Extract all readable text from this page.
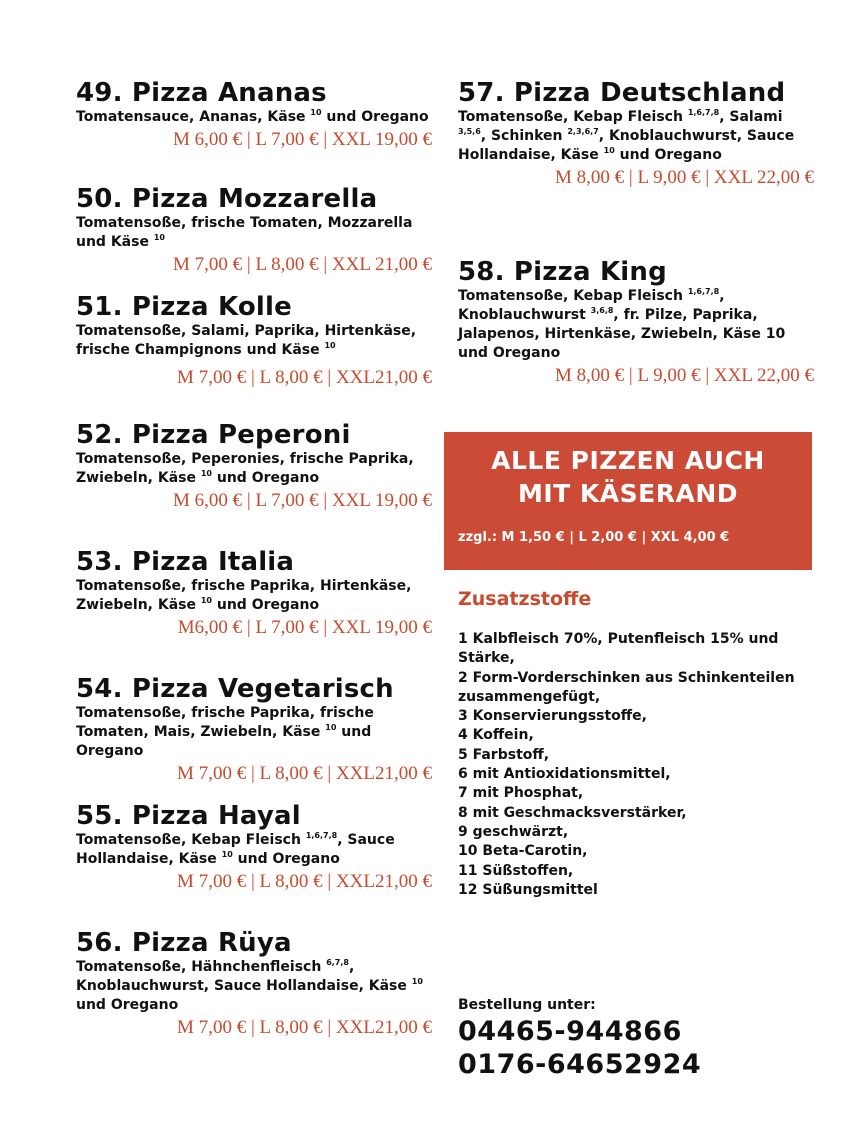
49. Pizza Ananas
Tomatensauce, Ananas, Käse $^{10}$ und Oregano
M 6,00 € | L 7,00 € | XXL 19,00 €
50. Pizza Mozzarella
Tomatensoße, frische Tomaten, Mozzarella und Käse $^{10}$
M 7,00 € | L 8,00 € | XXL 21,00 €
51. Pizza Kolle
Tomatensoße, Salami, Paprika, Hirtenkäse, frische Champignons und Käse $^{10}$
M 7,00 € | L 8,00 € | XXL21,00 €
52. Pizza Peperoni
Tomatensoße, Peperonies, frische Paprika,
Zwiebeln, Käse $^{10}$ und Oregano
M 6,00 € | L 7,00 € | XXL 19,00 €
53. Pizza Italia
Tomatensoße, frische Paprika, Hirtenkäse,
Zwiebeln, Käse $^{10}$ und Oregano
M6,00 € | L 7,00 € | XXL 19,00 €
54. Pizza Vegetarisch
Tomatensoße, frische Paprika, frische Tomaten, Mais, Zwiebeln, Käse $^{10}$ und Oregano
M 7,00 € | L 8,00 € | XXL21,00 €
55. Pizza Hayal
Tomatensoße, Kebap Fleisch $^{1,6,7,8}$, Sauce Hollandaise, Käse $^{10}$ und Oregano
M 7,00 € | L 8,00 € | XXL21,00 €
56. Pizza Rüya
Tomatensoße, Hähnchenfleisch $^{6,7,8}$, Knoblauchwurst, Sauce Hollandaise, Käse $^{10}$ und Oregano
M 7,00 € | L 8,00 € | XXL21,00 €
57. Pizza Deutschland
Tomatensoße, Kebap Fleisch $^{1,6,7,8}$, Salami $^{3,5,6}$, Schinken $^{2,3,6,7}$, Knoblauchwurst, Sauce Hollandaise, Käse $^{10}$ und Oregano
M 8,00 € | L 9,00 € | XXL 22,00 €
58. Pizza King
Tomatensoße, Kebap Fleisch $^{1,6,7,8}$, Knoblauchwurst $^{3,6,8}$, fr. Pilze, Paprika, Jalapenos, Hirtenkäse, Zwiebeln, Käse 10 und Oregano
M 8,00 € | L 9,00 € | XXL 22,00 €
ALLE PIZZEN AUCH
MIT KÄSERAND
zzgl.: M 1,50 € | L 2,00 € | XXL 4,00 €
Zusatzstoffe
1 Kalbfleisch 70%, Putenfleisch 15% und Stärke,
2 Form-Vorderschinken aus Schinkenteilen zusammengefügt,
3 Konservierungsstoffe,
4 Koffein,
5 Farbstoff,
6 mit Antioxidationsmittel,
7 mit Phosphat,
8 mit Geschmacksverstärker,
9 geschwärzt,
10 Beta-Carotin,
11 Süßstoffen,
12 Süßungsmittel
Bestellung unter:
04465-944866
0176-64652924
